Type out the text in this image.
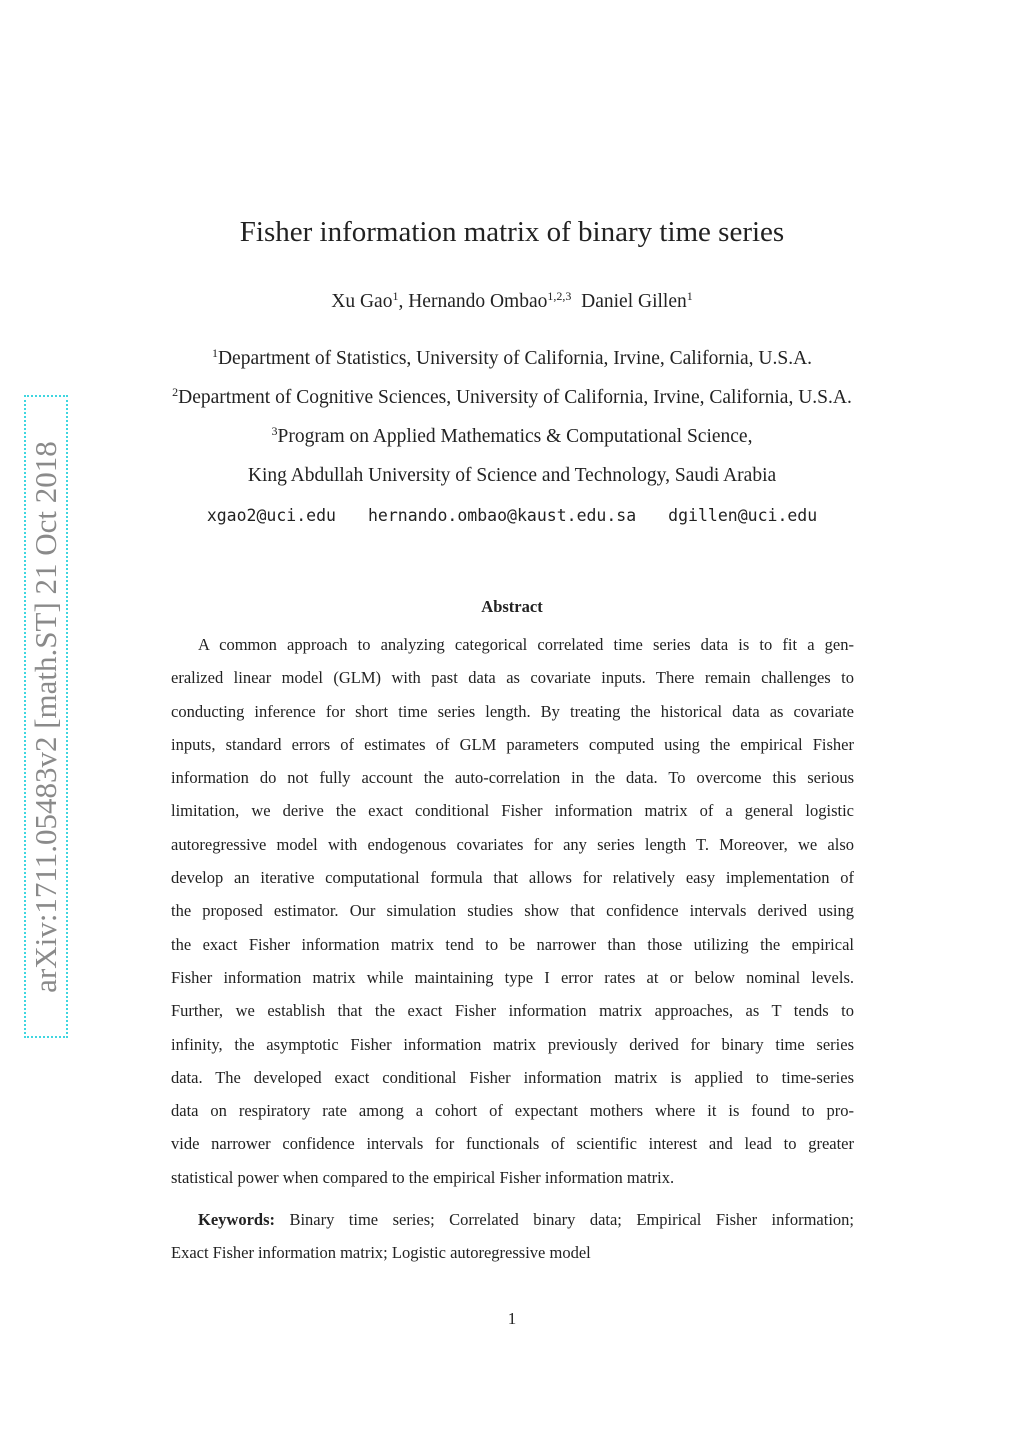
arXiv:1711.05483v2 [math.ST] 21 Oct 2018
Fisher information matrix of binary time series
Xu Gao$^1$, Hernando Ombao$^{1,2,3}$ Daniel Gillen$^1$
$^1$Department of Statistics, University of California, Irvine, California, U.S.A.
$^2$Department of Cognitive Sciences, University of California, Irvine, California, U.S.A.
$^3$Program on Applied Mathematics & Computational Science,
King Abdullah University of Science and Technology, Saudi Arabia
xgao2@uci.edu hernando.ombao@kaust.edu.sa dgillen@uci.edu
Abstract
A common approach to analyzing categorical correlated time series data is to fit a gen-
eralized linear model (GLM) with past data as covariate inputs. There remain challenges to
conducting inference for short time series length. By treating the historical data as covariate
inputs, standard errors of estimates of GLM parameters computed using the empirical Fisher
information do not fully account the auto-correlation in the data. To overcome this serious
limitation, we derive the exact conditional Fisher information matrix of a general logistic
autoregressive model with endogenous covariates for any series length T. Moreover, we also
develop an iterative computational formula that allows for relatively easy implementation of
the proposed estimator. Our simulation studies show that confidence intervals derived using
the exact Fisher information matrix tend to be narrower than those utilizing the empirical
Fisher information matrix while maintaining type I error rates at or below nominal levels.
Further, we establish that the exact Fisher information matrix approaches, as T tends to
infinity, the asymptotic Fisher information matrix previously derived for binary time series
data. The developed exact conditional Fisher information matrix is applied to time-series
data on respiratory rate among a cohort of expectant mothers where it is found to pro-
vide narrower confidence intervals for functionals of scientific interest and lead to greater
statistical power when compared to the empirical Fisher information matrix.
Keywords: Binary time series; Correlated binary data; Empirical Fisher information;
Exact Fisher information matrix; Logistic autoregressive model
1
